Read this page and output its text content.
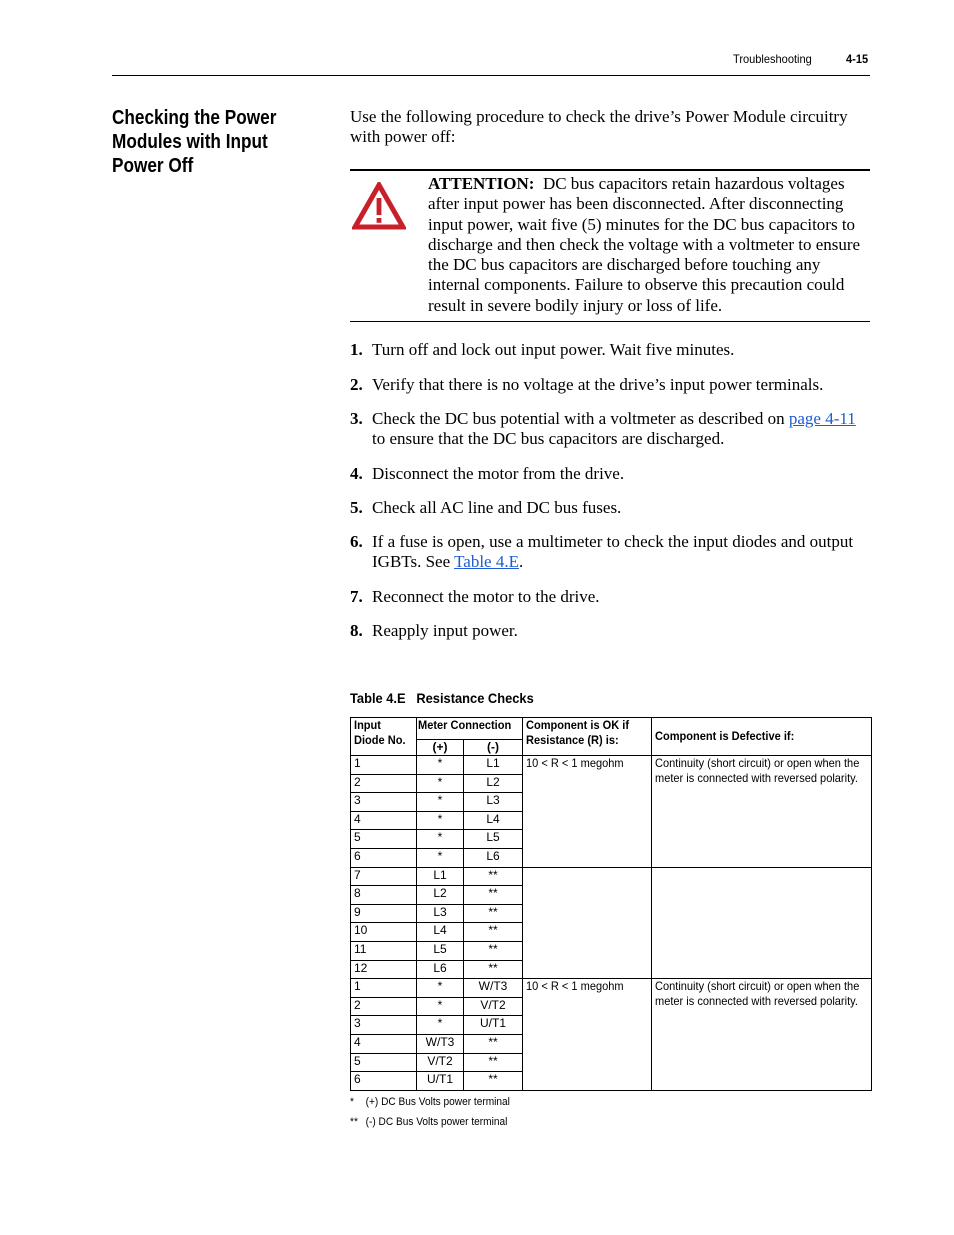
Troubleshooting	4-15
Checking the Power Modules with Input Power Off
Use the following procedure to check the drive’s Power Module circuitry with power off:
ATTENTION: DC bus capacitors retain hazardous voltages after input power has been disconnected. After disconnecting input power, wait five (5) minutes for the DC bus capacitors to discharge and then check the voltage with a voltmeter to ensure the DC bus capacitors are discharged before touching any internal components. Failure to observe this precaution could result in severe bodily injury or loss of life.
1. Turn off and lock out input power. Wait five minutes.
2. Verify that there is no voltage at the drive’s input power terminals.
3. Check the DC bus potential with a voltmeter as described on page 4-11 to ensure that the DC bus capacitors are discharged.
4. Disconnect the motor from the drive.
5. Check all AC line and DC bus fuses.
6. If a fuse is open, use a multimeter to check the input diodes and output IGBTs. See Table 4.E.
7. Reconnect the motor to the drive.
8. Reapply input power.
Table 4.E Resistance Checks
Input Diode No.	Meter Connection		Component is OK if Resistance (R) is:	Component is Defective if:
	(+)	(-)		
1	*	L1	10 < R < 1 megohm	Continuity (short circuit) or open when the meter is connected with reversed polarity.

2	*	L2		
3	*	L3		
4	*	L4		
5	*	L5		
6	*	L6		
7	L1	**	

8	L2	**		
9	L3	**		
10	L4	**		
11	L5	**		
12	L6	**		
1	*	W/T3	10 < R < 1 megohm	Continuity (short circuit) or open when the meter is connected with reversed polarity.

2	*	V/T2		
3	*	U/T1		
4	W/T3	**		
5	V/T2	**		
6	U/T1	**		
* (+) DC Bus Volts power terminal
** (-) DC Bus Volts power terminal
